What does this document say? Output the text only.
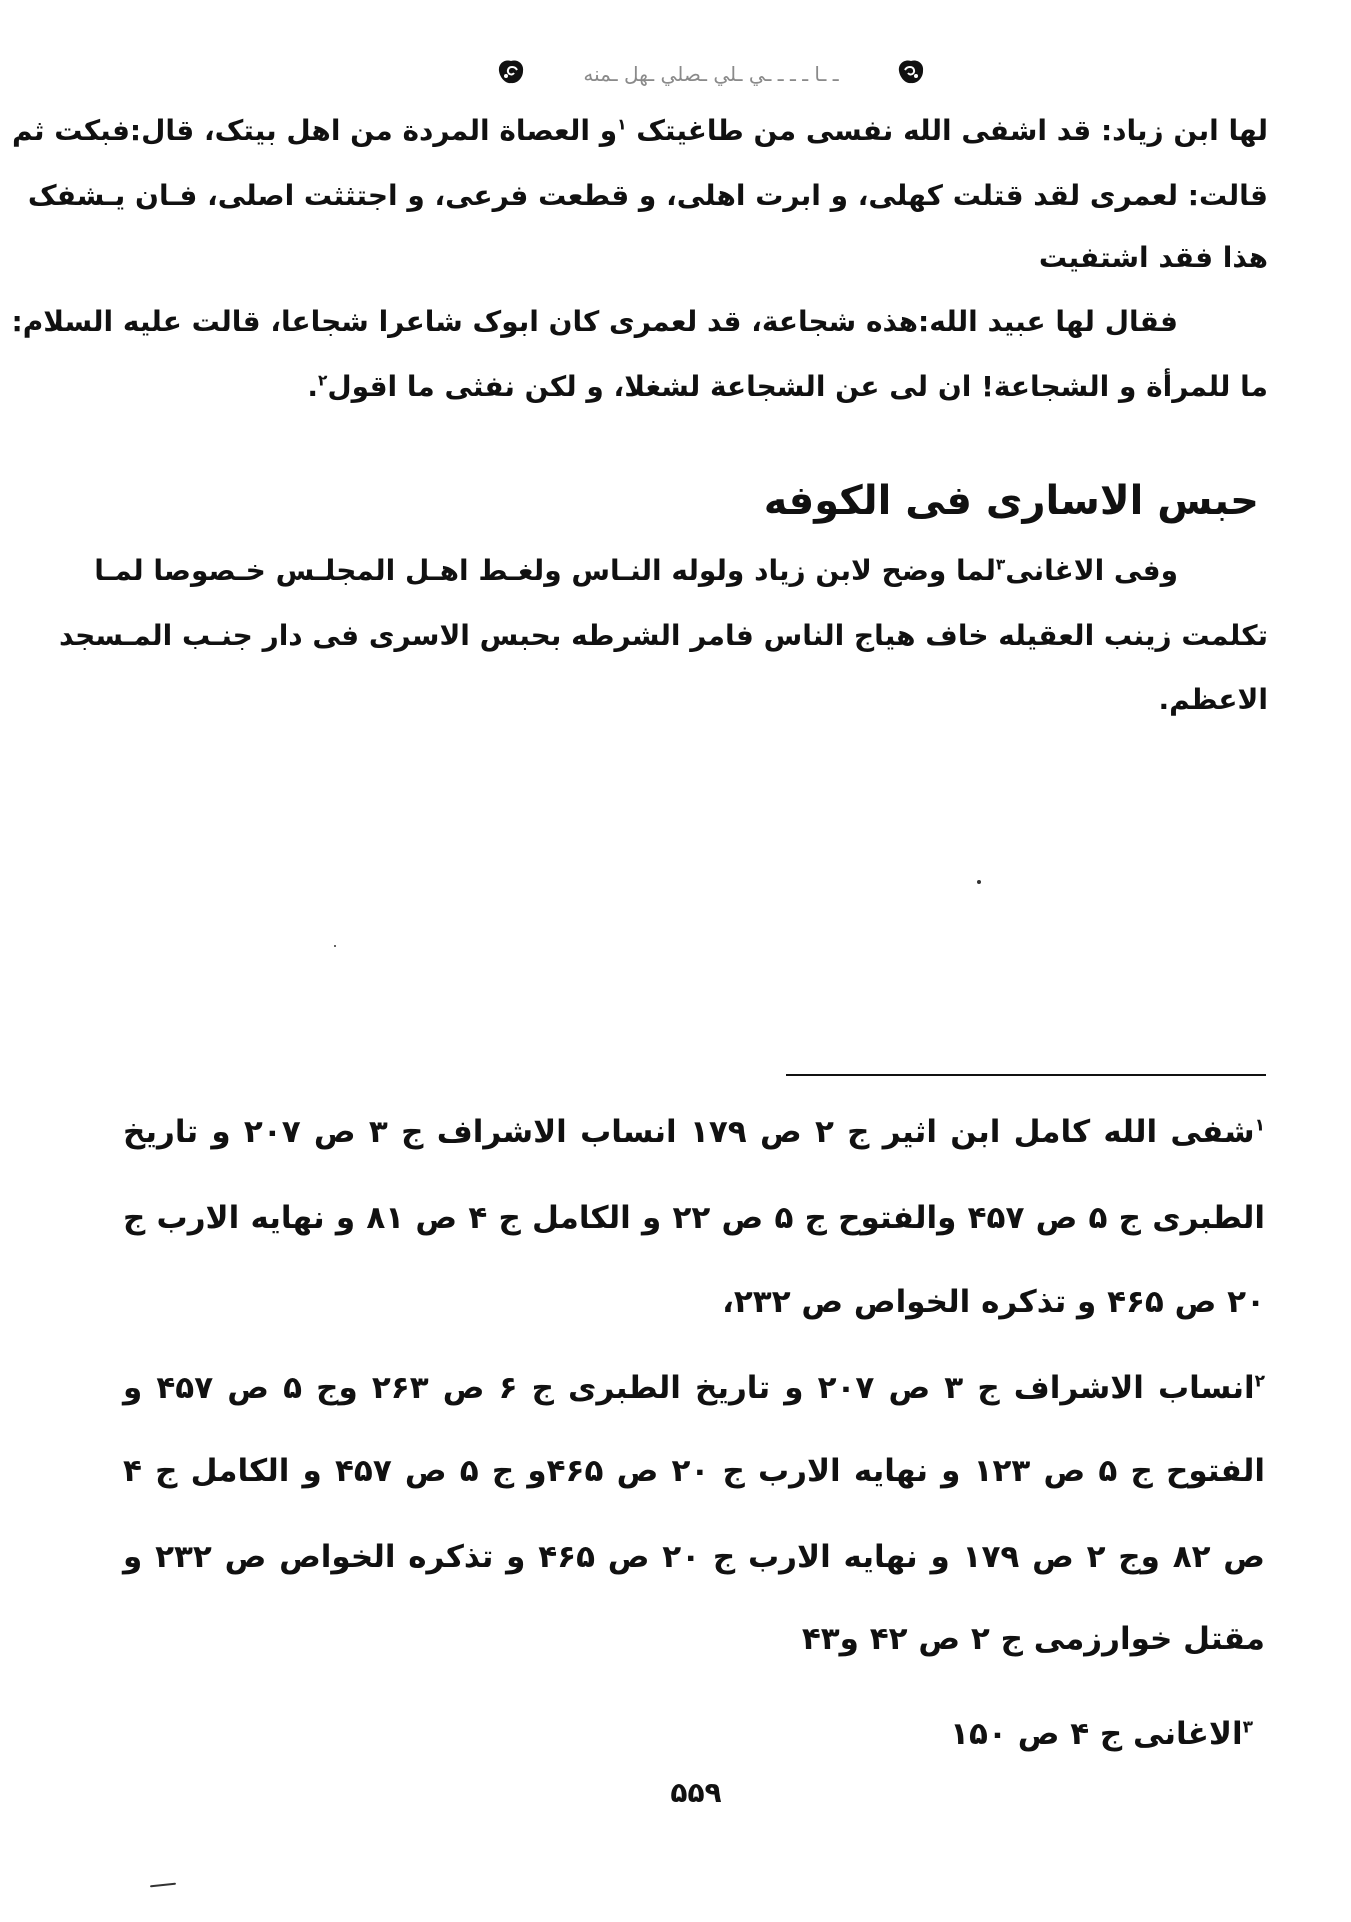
ـ ـا ـ ـ ـ ـي ـلي ـصلي ـهل ـمنه
لها ابن زياد: قد اشفى الله نفسى من طاغيتک $^۱$و العصاة المردة من اهل بيتک، قال:فبکت ثم
قالت: لعمرى لقد قتلت كهلى، و ابرت اهلى، و قطعت فرعى، و اجتثثت اصلى، فـان يـشفک
هذا فقد اشتفيت
فقال لها عبيد الله:هذه شجاعة، قد لعمرى كان ابوک شاعرا شجاعا، قالت عليه السلام:
ما للمرأة و الشجاعة! ان لى عن الشجاعة لشغلا، و لكن نفثى ما اقول$^۲$.
حبس الاسارى فى الكوفه
وفى الاغانى$^۳$لما وضح لابن زياد ولوله النـاس ولغـط اهـل المجلـس خـصوصا لمـا
تكلمت زينب العقيله خاف هياج الناس فامر الشرطه بحبس الاسرى فى دار جنـب المـسجد
الاعظم.
$^۱$شفى الله كامل ابن اثير ج ۲ ص ۱۷۹ انساب الاشراف ج ۳ ص ۲۰۷ و تاريخ
الطبرى ج ۵ ص ۴۵۷ والفتوح ج ۵ ص ۲۲ و الكامل ج ۴ ص ۸۱ و نهايه الارب ج
۲۰ ص ۴۶۵ و تذكره الخواص ص ۲۳۲،
$^۲$انساب الاشراف ج ۳ ص ۲۰۷ و تاريخ الطبرى ج ۶ ص ۲۶۳ وج ۵ ص ۴۵۷ و
الفتوح ج ۵ ص ۱۲۳ و نهايه الارب ج ۲۰ ص ۴۶۵و ج ۵ ص ۴۵۷ و الكامل ج ۴
ص ۸۲ وج ۲ ص ۱۷۹ و نهايه الارب ج ۲۰ ص ۴۶۵ و تذكره الخواص ص ۲۳۲ و
مقتل خوارزمى ج ۲ ص ۴۲ و۴۳
$^۳$الاغانى ج ۴ ص ۱۵۰
۵۵۹
